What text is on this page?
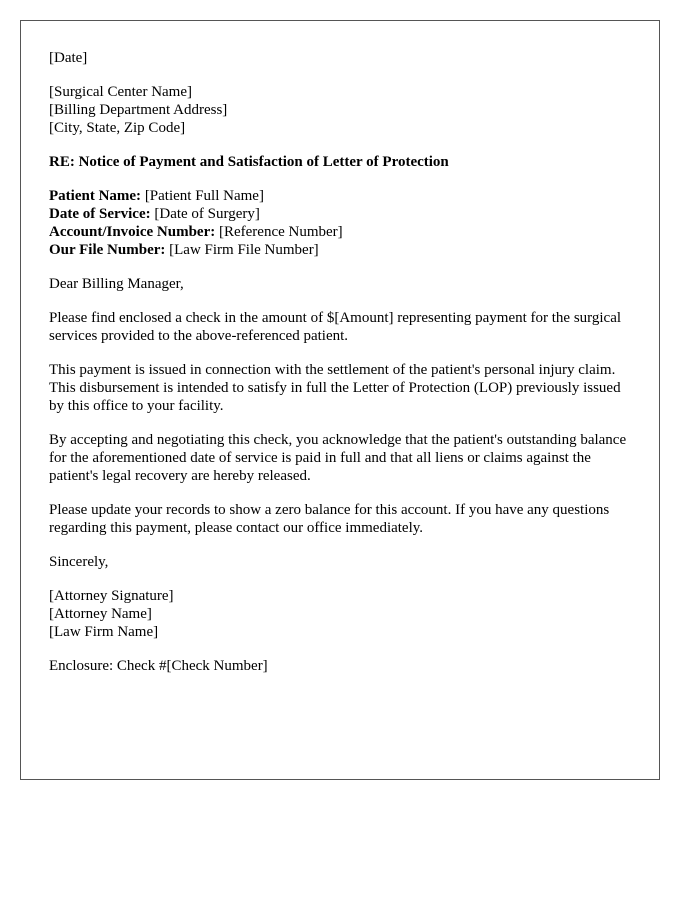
[Date]
[Surgical Center Name]
[Billing Department Address]
[City, State, Zip Code]
RE: Notice of Payment and Satisfaction of Letter of Protection
Patient Name: [Patient Full Name]
Date of Service: [Date of Surgery]
Account/Invoice Number: [Reference Number]
Our File Number: [Law Firm File Number]
Dear Billing Manager,

Please find enclosed a check in the amount of $[Amount] representing payment for the surgical services provided to the above-referenced patient.

This payment is issued in connection with the settlement of the patient's personal injury claim. This disbursement is intended to satisfy in full the Letter of Protection (LOP) previously issued by this office to your facility.

By accepting and negotiating this check, you acknowledge that the patient's outstanding balance for the aforementioned date of service is paid in full and that all liens or claims against the patient's legal recovery are hereby released.

Please update your records to show a zero balance for this account. If you have any questions regarding this payment, please contact our office immediately.

Sincerely,
[Attorney Signature]
[Attorney Name]
[Law Firm Name]
Enclosure: Check #[Check Number]
